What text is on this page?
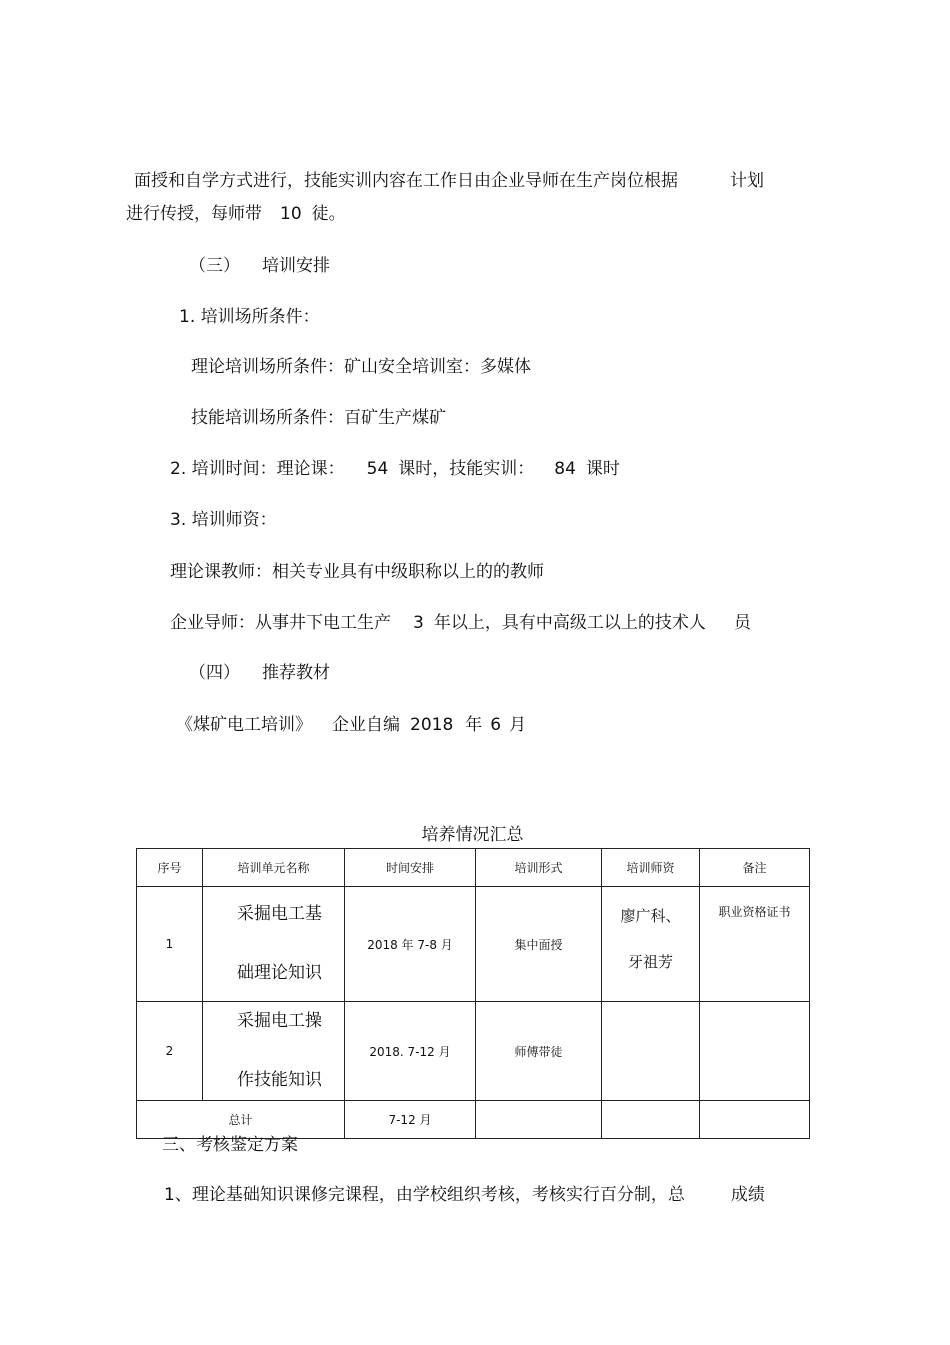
面授和自学方式进行，技能实训内容在工作日由企业导师在生产岗位根据	计划
进行传授，每师带 10 徒。
（三） 培训安排
1. 培训场所条件：
理论培训场所条件：矿山安全培训室：多媒体
技能培训场所条件：百矿生产煤矿
2. 培训时间：理论课： 54 课时，技能实训： 84 课时
3. 培训师资：
理论课教师：相关专业具有中级职称以上的的教师
企业导师：从事井下电工生产 3 年以上，具有中高级工以上的技术人 员
（四） 推荐教材
《煤矿电工培训》 企业自编 2018 年 6 月
培养情况汇总
序号	培训单元名称	时间安排	培训形式	培训师资	备注
1	采掘电工基
础理论知识	2018 年 7-8 月	集中面授	廖广科、
牙祖芳	职业资格证书
2	采掘电工操
作技能知识	2018. 7-12 月	师傅带徒		
总计		7-12 月			
三、考核鉴定方案
1、理论基础知识课修完课程，由学校组织考核，考核实行百分制，总	成绩
